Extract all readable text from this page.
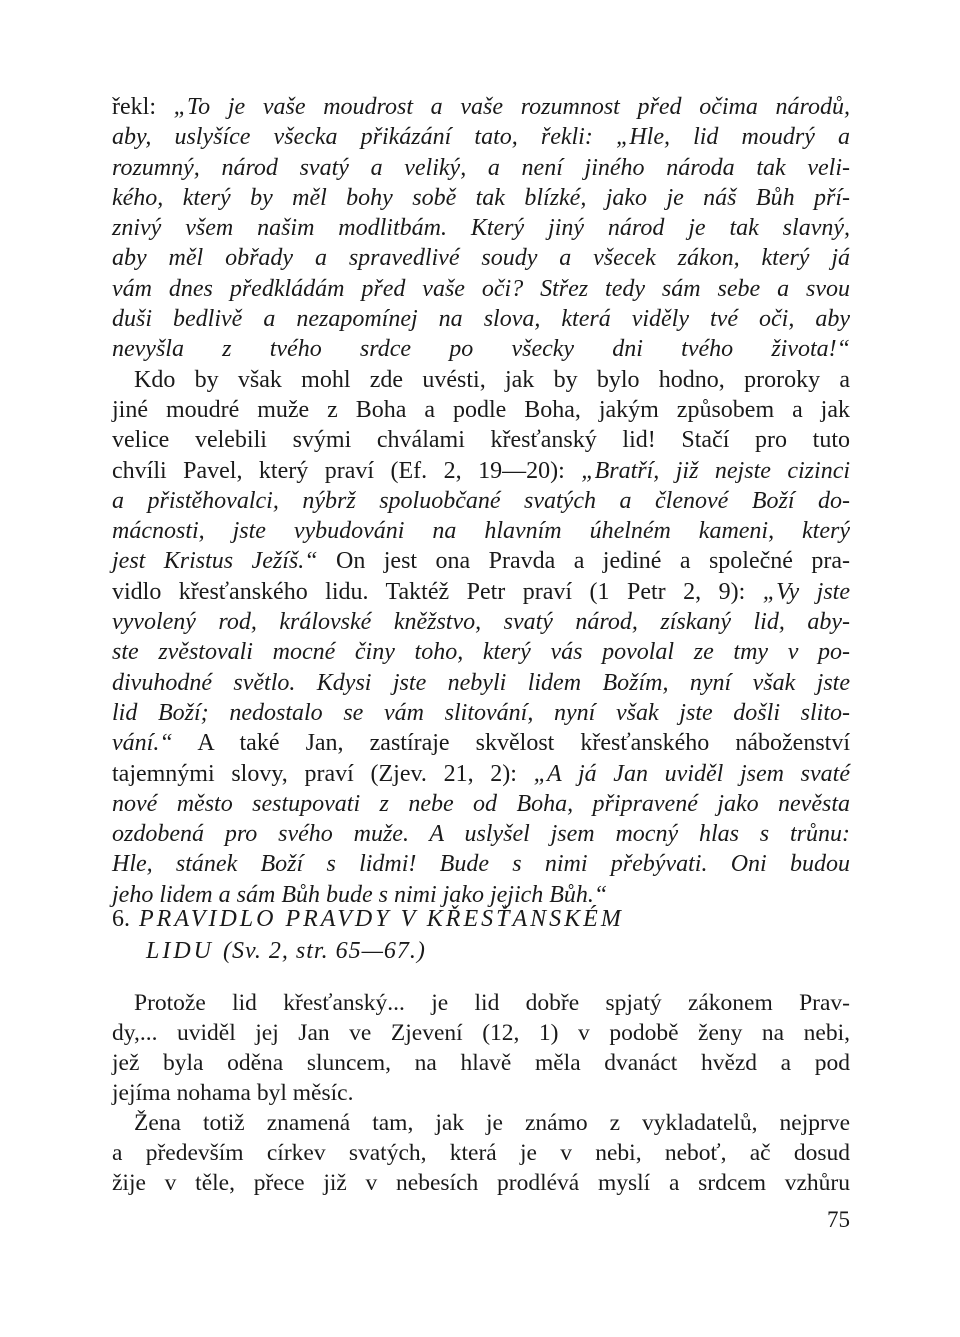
řekl: „To je vaše moudrost a vaše rozumnost před očima národů,
aby, uslyšíce všecka přikázání tato, řekli: „Hle, lid moudrý a
rozumný, národ svatý a veliký, a není jiného národa tak veli-
kého, který by měl bohy sobě tak blízké, jako je náš Bůh pří-
znivý všem našim modlitbám. Který jiný národ je tak slavný,
aby měl obřady a spravedlivé soudy a všecek zákon, který já
vám dnes předkládám před vaše oči? Střez tedy sám sebe a svou
duši bedlivě a nezapomínej na slova, která viděly tvé oči, aby
nevyšla z tvého srdce po všecky dni tvého života!“
Kdo by však mohl zde uvésti, jak by bylo hodno, proroky a
jiné moudré muže z Boha a podle Boha, jakým způsobem a jak
velice velebili svými chválami křesťanský lid! Stačí pro tuto
chvíli Pavel, který praví (Ef. 2, 19—20): „Bratří, již nejste cizinci
a přistěhovalci, nýbrž spoluobčané svatých a členové Boží do-
mácnosti, jste vybudováni na hlavním úhelném kameni, který
jest Kristus Ježíš.“ On jest ona Pravda a jediné a společné pra-
vidlo křesťanského lidu. Taktéž Petr praví (1 Petr 2, 9): „Vy jste
vyvolený rod, královské kněžstvo, svatý národ, získaný lid, aby-
ste zvěstovali mocné činy toho, který vás povolal ze tmy v po-
divuhodné světlo. Kdysi jste nebyli lidem Božím, nyní však jste
lid Boží; nedostalo se vám slitování, nyní však jste došli slito-
vání.“ A také Jan, zastíraje skvělost křesťanského náboženství
tajemnými slovy, praví (Zjev. 21, 2): „A já Jan uviděl jsem svaté
nové město sestupovati z nebe od Boha, připravené jako nevěsta
ozdobená pro svého muže. A uslyšel jsem mocný hlas s trůnu:
Hle, stánek Boží s lidmi! Bude s nimi přebývati. Oni budou
jeho lidem a sám Bůh bude s nimi jako jejich Bůh.“
6. PRAVIDLO PRAVDY V KŘESŤANSKÉM
LIDU (Sv. 2, str. 65—67.)
Protože lid křesťanský... je lid dobře spjatý zákonem Prav-
dy,... uviděl jej Jan ve Zjevení (12, 1) v podobě ženy na nebi,
jež byla oděna sluncem, na hlavě měla dvanáct hvězd a pod
jejíma nohama byl měsíc.
Žena totiž znamená tam, jak je známo z vykladatelů, nejprve
a především církev svatých, která je v nebi, neboť, ač dosud
žije v těle, přece již v nebesích prodlévá myslí a srdcem vzhůru
75
